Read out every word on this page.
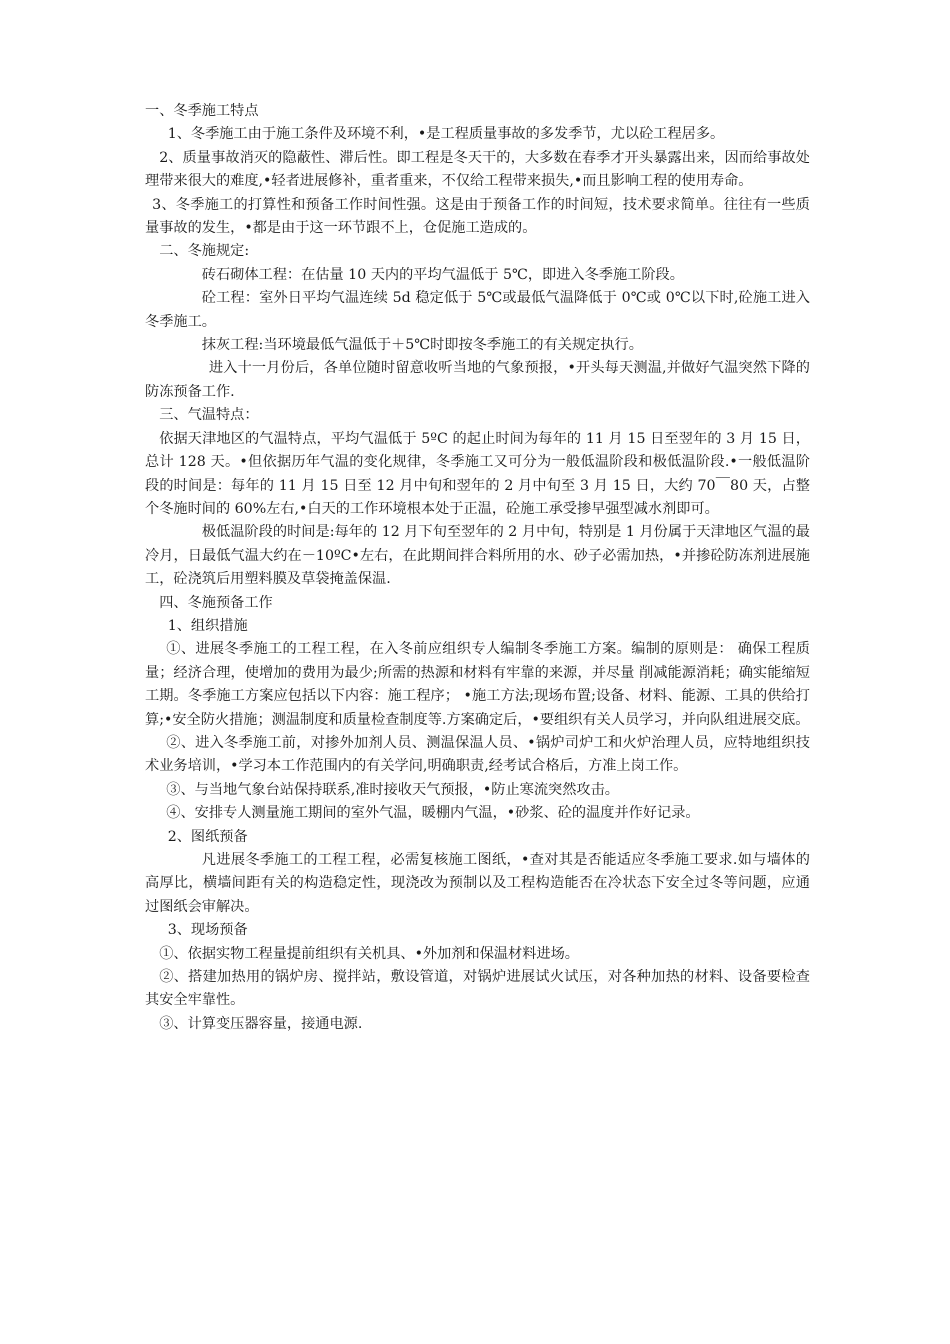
一、冬季施工特点

1、冬季施工由于施工条件及环境不利，•是工程质量事故的多发季节，尤以砼工程居多。

2、质量事故消灭的隐蔽性、滞后性。即工程是冬天干的，大多数在春季才开头暴露出来，因而给事故处理带来很大的难度,•轻者进展修补，重者重来，不仅给工程带来损失,•而且影响工程的使用寿命。

3、冬季施工的打算性和预备工作时间性强。这是由于预备工作的时间短，技术要求简单。往往有一些质量事故的发生，•都是由于这一环节跟不上，仓促施工造成的。

二、冬施规定:

砖石砌体工程：在估量 10 天内的平均气温低于 5℃，即进入冬季施工阶段。

砼工程：室外日平均气温连续 5d 稳定低于 5℃或最低气温降低于 0℃或 0℃以下时,砼施工进入冬季施工。

抹灰工程:当环境最低气温低于＋5℃时即按冬季施工的有关规定执行。

进入十一月份后，各单位随时留意收听当地的气象预报，•开头每天测温,并做好气温突然下降的防冻预备工作.

三、气温特点：

依据天津地区的气温特点，平均气温低于 5ºC 的起止时间为每年的 11 月 15 日至翌年的 3 月 15 日，总计 128 天。•但依据历年气温的变化规律，冬季施工又可分为一般低温阶段和极低温阶段.•一般低温阶段的时间是：每年的 11 月 15 日至 12 月中旬和翌年的 2 月中旬至 3 月 15 日，大约 70￣80 天，占整个冬施时间的 60%左右,•白天的工作环境根本处于正温，砼施工承受掺早强型减水剂即可。

极低温阶段的时间是:每年的 12 月下旬至翌年的 2 月中旬，特别是 1 月份属于天津地区气温的最冷月，日最低气温大约在－10ºC•左右，在此期间拌合料所用的水、砂子必需加热，•并掺砼防冻剂进展施工，砼浇筑后用塑料膜及草袋掩盖保温.

四、冬施预备工作

1、组织措施

①、进展冬季施工的工程工程，在入冬前应组织专人编制冬季施工方案。编制的原则是： 确保工程质量；经济合理，使增加的费用为最少;所需的热源和材料有牢靠的来源，并尽量 削减能源消耗；确实能缩短工期。冬季施工方案应包括以下内容：施工程序； •施工方法;现场布置;设备、材料、能源、工具的供给打算;•安全防火措施；测温制度和质量检查制度等.方案确定后，•要组织有关人员学习，并向队组进展交底。

②、进入冬季施工前，对掺外加剂人员、测温保温人员、•锅炉司炉工和火炉治理人员，应特地组织技术业务培训，•学习本工作范围内的有关学问,明确职责,经考试合格后，方准上岗工作。

③、与当地气象台站保持联系,准时接收天气预报，•防止寒流突然攻击。

④、安排专人测量施工期间的室外气温，暖棚内气温，•砂浆、砼的温度并作好记录。

2、图纸预备

凡进展冬季施工的工程工程，必需复核施工图纸，•查对其是否能适应冬季施工要求.如与墙体的高厚比，横墙间距有关的构造稳定性，现浇改为预制以及工程构造能否在冷状态下安全过冬等问题，应通过图纸会审解决。

3、现场预备

①、依据实物工程量提前组织有关机具、•外加剂和保温材料进场。

②、搭建加热用的锅炉房、搅拌站，敷设管道，对锅炉进展试火试压，对各种加热的材料、设备要检查其安全牢靠性。

③、计算变压器容量，接通电源.
